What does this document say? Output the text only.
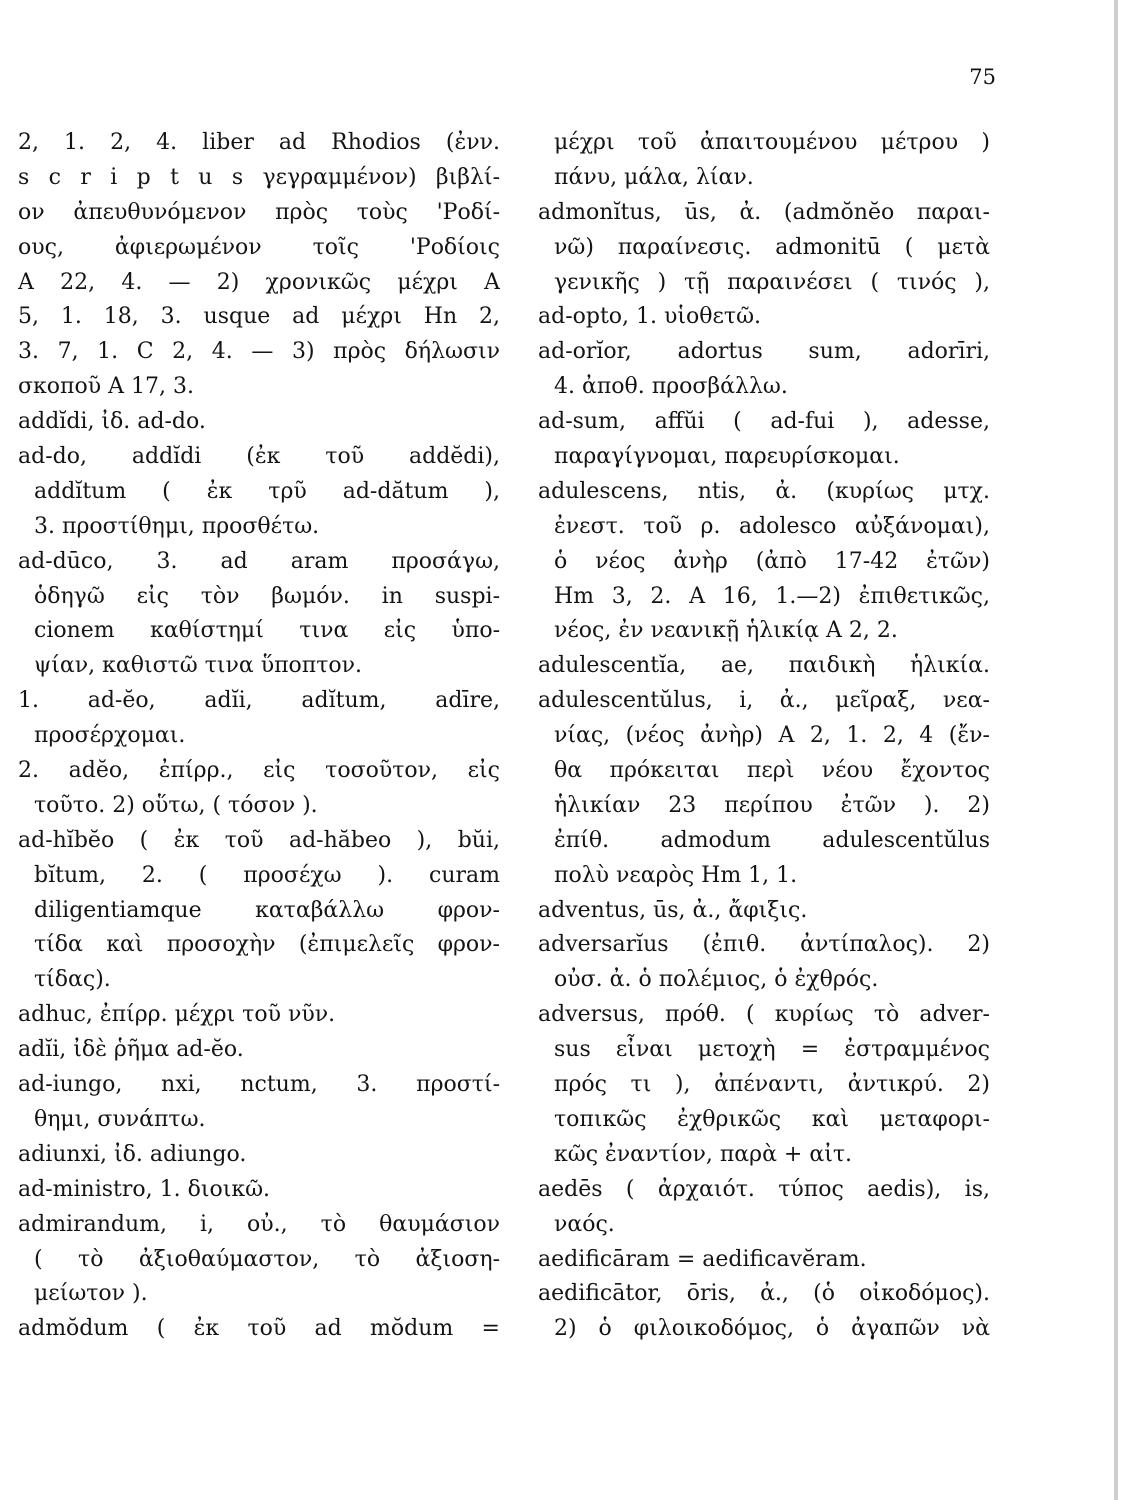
75
2, 1. 2, 4. liber ad Rhodios (ἐνν.
s c r i p t u s γεγραμμένον) βιβλί-
ον ἀπευθυνόμενον πρὸς τοὺς 'Ροδί-
ους, ἀφιερωμένον τοῖς 'Ροδίοις
A 22, 4. — 2) χρονικῶς μέχρι A
5, 1. 18, 3. usque ad μέχρι Hn 2,
3. 7, 1. C 2, 4. — 3) πρὸς δήλωσιν
σκοποῦ A 17, 3.
addĭdi, ἰδ. ad-do.
ad-do, addĭdi (ἐκ τοῦ addĕdi),
addĭtum ( ἐκ τρῦ ad-dătum ),
3. προστίθημι, προσθέτω.
ad-dūco, 3. ad aram προσάγω,
ὁδηγῶ εἰς τὸν βωμόν. in suspi-
cionem καθίστημί τινα εἰς ὑπο-
ψίαν, καθιστῶ τινα ὕποπτον.
1. ad-ĕo, adĭi, adĭtum, adīre,
προσέρχομαι.
2. adĕo, ἐπίρρ., εἰς τοσοῦτον, εἰς
τοῦτο. 2) οὕτω, ( τόσον ).
ad-hĭbĕo ( ἐκ τοῦ ad-hăbeo ), bŭi,
bĭtum, 2. ( προσέχω ). curam
diligentiamque καταβάλλω φρον-
τίδα καὶ προσοχὴν (ἐπιμελεῖς φρον-
τίδας).
adhuc, ἐπίρρ. μέχρι τοῦ νῦν.
adĭi, ἰδὲ ῥῆμα ad-ĕo.
ad-iungo, nxi, nctum, 3. προστί-
θημι, συνάπτω.
adiunxi, ἰδ. adiungo.
ad-ministro, 1. διοικῶ.
admirandum, i, οὐ., τὸ θαυμάσιον
( τὸ ἀξιοθαύμαστον, τὸ ἀξιοση-
μείωτον ).
admŏdum ( ἐκ τοῦ ad mŏdum =
μέχρι τοῦ ἀπαιτουμένου μέτρου )
πάνυ, μάλα, λίαν.
admonĭtus, ūs, ἀ. (admŏnĕo παραι-
νῶ) παραίνεσις. admonitū ( μετὰ
γενικῆς ) τῇ παραινέσει ( τινός ),
ad-opto, 1. υἱοθετῶ.
ad-orĭor, adortus sum, adorīri,
4. ἀποθ. προσβάλλω.
ad-sum, affŭi ( ad-fui ), adesse,
παραγίγνομαι, παρευρίσκομαι.
adulescens, ntis, ἀ. (κυρίως μτχ.
ἐνεστ. τοῦ ρ. adolesco αὐξάνομαι),
ὁ νέος ἀνὴρ (ἀπὸ 17-42 ἐτῶν)
Hm 3, 2. A 16, 1.—2) ἐπιθετικῶς,
νέος, ἐν νεανικῇ ἡλικίᾳ A 2, 2.
adulescentĭa, ae, παιδικὴ ἡλικία.
adulescentŭlus, i, ἀ., μεῖραξ, νεα-
νίας, (νέος ἀνὴρ) A 2, 1. 2, 4 (ἔν-
θα πρόκειται περὶ νέου ἔχοντος
ἡλικίαν 23 περίπου ἐτῶν ). 2)
ἐπίθ. admodum adulescentŭlus
πολὺ νεαρὸς Hm 1, 1.
adventus, ūs, ἀ., ἄφιξις.
adversarĭus (ἐπιθ. ἀντίπαλος). 2)
οὐσ. ἀ. ὁ πολέμιος, ὁ ἐχθρός.
adversus, πρόθ. ( κυρίως τὸ adver-
sus εἶναι μετοχὴ = ἐστραμμένος
πρός τι ), ἀπέναντι, ἀντικρύ. 2)
τοπικῶς ἐχθρικῶς καὶ μεταφορι-
κῶς ἐναντίον, παρὰ + αἰτ.
aedēs ( ἀρχαιότ. τύπος aedis), is,
ναός.
aedificāram = aedificavĕram.
aedificātor, ōris, ἀ., (ὁ οἰκοδόμος).
2) ὁ φιλοικοδόμος, ὁ ἀγαπῶν νὰ
